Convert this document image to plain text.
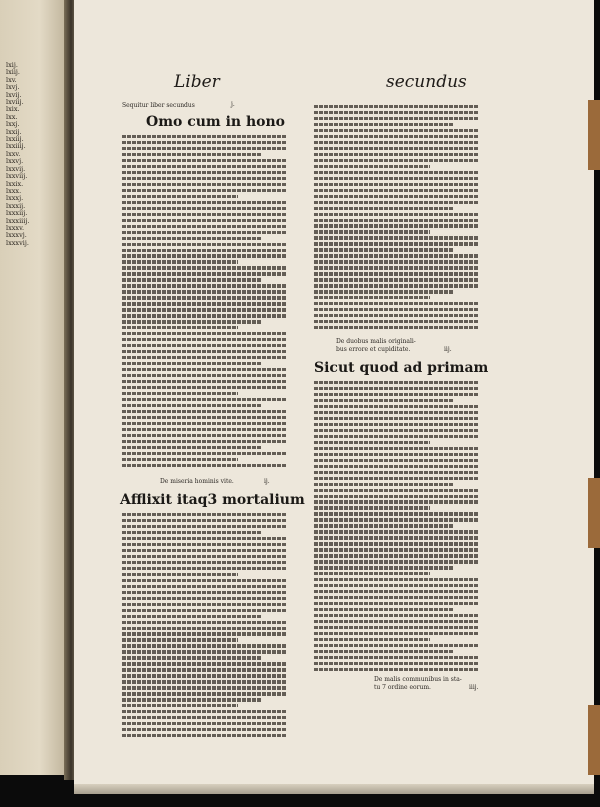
lxij.
lxiij.
lxv.
lxvj.
lxvij.
lxviij.
lxix.
lxx.
lxxj.
lxxij.
lxxiij.
lxxiiij.
lxxv.
lxxvj.
lxxvij.
lxxviij.
lxxix.
lxxx.
lxxxj.
lxxxij.
lxxxiij.
lxxxiiij.
lxxxv.
lxxxvj.
lxxxvij.
Liber	secundus
Sequitur liber secundus	j.
Omo cum in hono
De miseria hominis vite.	ij.
Afflixit itaq3 mortalium
De duobus malis originali-
bus errore et cupiditate.	iij.
Sicut quod ad primam
De malis communibus in sta-
tu 7 ordine eorum.	iiij.
